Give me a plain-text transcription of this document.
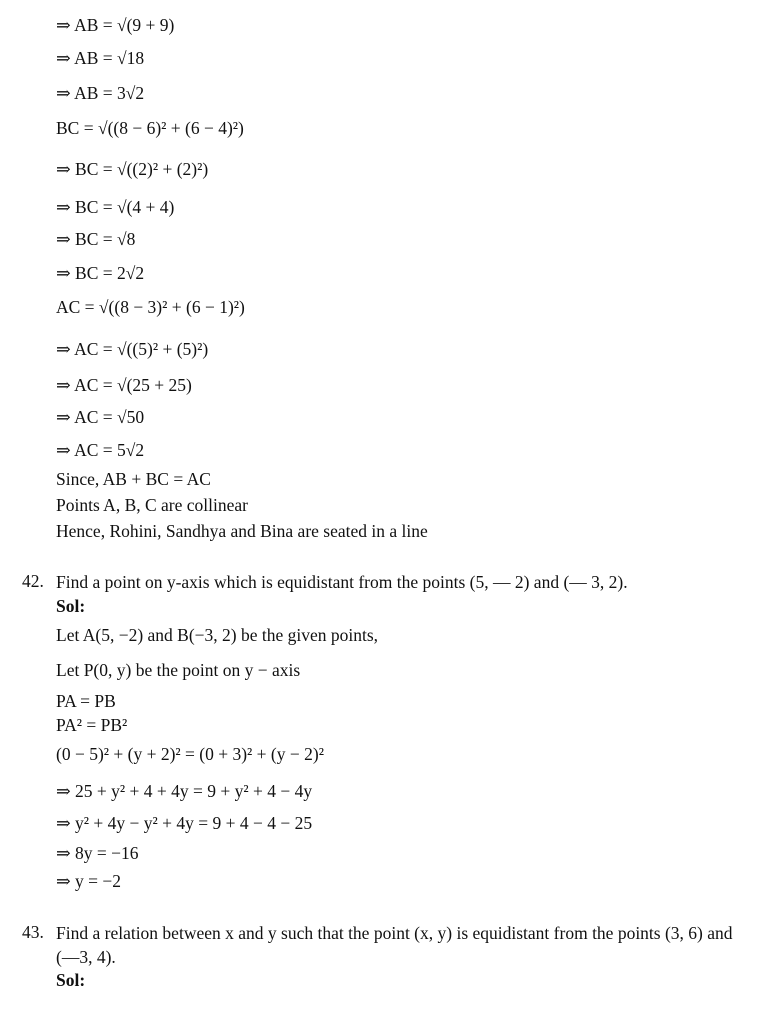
⇒ AB = √(9 + 9)
⇒ AB = √18
⇒ AB = 3√2
BC = √((8 − 6)² + (6 − 4)²)
⇒ BC = √((2)² + (2)²)
⇒ BC = √(4 + 4)
⇒ BC = √8
⇒ BC = 2√2
AC = √((8 − 3)² + (6 − 1)²)
⇒ AC = √((5)² + (5)²)
⇒ AC = √(25 + 25)
⇒ AC = √50
⇒ AC = 5√2
Since, AB + BC = AC
Points A, B, C are collinear
Hence, Rohini, Sandhya and Bina are seated in a line
42. Find a point on y-axis which is equidistant from the points (5, — 2) and (— 3, 2).
Sol:
Let A(5, −2) and B(−3, 2) be the given points,
Let P(0, y) be the point on y − axis
PA = PB
PA² = PB²
(0 − 5)² + (y + 2)² = (0 + 3)² + (y − 2)²
⇒ 25 + y² + 4 + 4y = 9 + y² + 4 − 4y
⇒ y² + 4y − y² + 4y = 9 + 4 − 4 − 25
⇒ 8y = −16
⇒ y = −2
43. Find a relation between x and y such that the point (x, y) is equidistant from the points (3, 6) and (—3, 4).
Sol:
